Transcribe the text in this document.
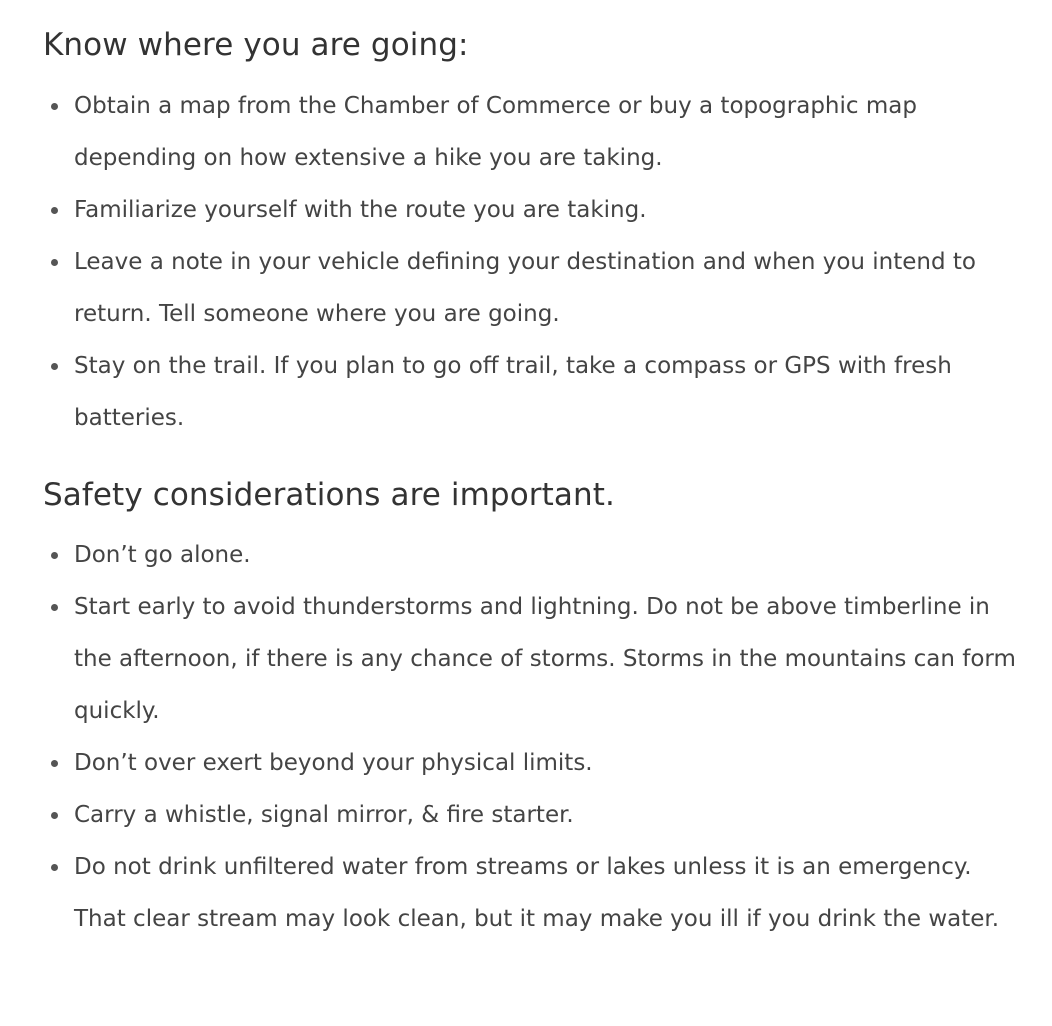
Know where you are going:
Obtain a map from the Chamber of Commerce or buy a topographic map depending on how extensive a hike you are taking.
Familiarize yourself with the route you are taking.
Leave a note in your vehicle defining your destination and when you intend to return. Tell someone where you are going.
Stay on the trail. If you plan to go off trail, take a compass or GPS with fresh batteries.
Safety considerations are important.
Don’t go alone.
Start early to avoid thunderstorms and lightning. Do not be above timberline in the afternoon, if there is any chance of storms. Storms in the mountains can form quickly.
Don’t over exert beyond your physical limits.
Carry a whistle, signal mirror, & fire starter.
Do not drink unfiltered water from streams or lakes unless it is an emergency. That clear stream may look clean, but it may make you ill if you drink the water.
